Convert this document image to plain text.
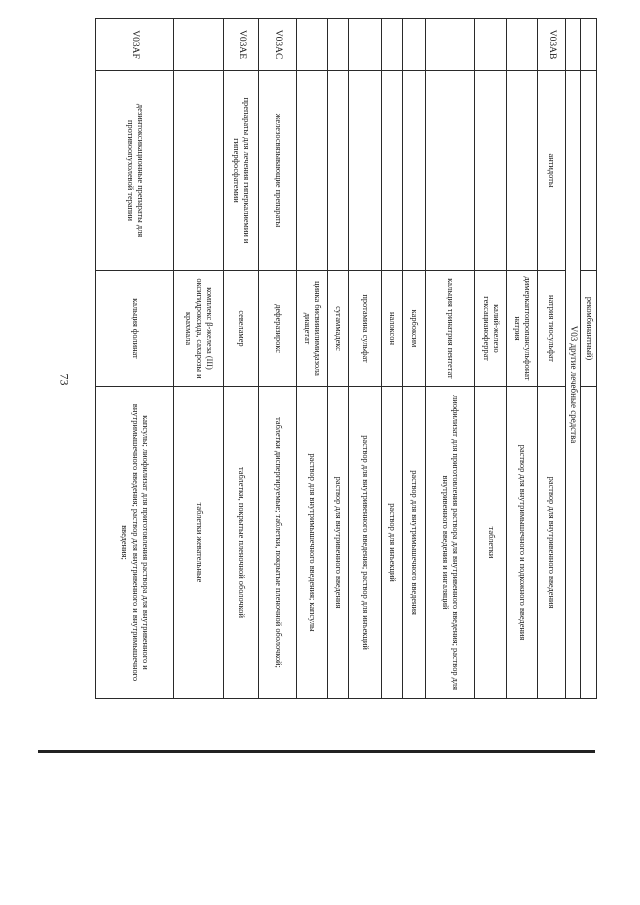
73
		рекомбинантный)	
	V03 другие лечебные средства		
V03AB	антидоты	натрия тиосульфат	раствор для внутривенного введения
		димеркаптопропансульфонат натрия	раствор для внутримышечного и подкожного введения
		калий-железо гексацианоферрат	таблетки
		кальция тринатрия пентетат	лиофилизат для приготовления раствора для внутривенного введения; раствор для внутривенного введения и ингаляций
		карбоксим	раствор для внутримышечного введения
		налоксон	раствор для инъекций
		протамина сульфат	раствор для внутривенного введения; раствор для инъекций
		сугаммадекс	раствор для внутривенного введения
		цинка бисвинилимидазола диацетат	раствор для внутримышечного введения; капсулы
V03AC	железосвязывающие препараты	деферазирокс	таблетки диспергируемые; таблетки, покрытые пленочной оболочкой;
V03AE	препараты для лечения гиперкалиемии и гиперфосфатемии	севеламер	таблетки, покрытые пленочной оболочкой
		комплекс β-железа (III) оксигидроксида, сахарозы и крахмала	таблетки жевательные
V03AF	дезинтоксикационные препараты для противоопухолевой терапии	кальция фолинат	капсулы; лиофилизат для приготовления раствора для внутривенного и внутримышечного введения; раствор для внутривенного и внутримышечного введения;
